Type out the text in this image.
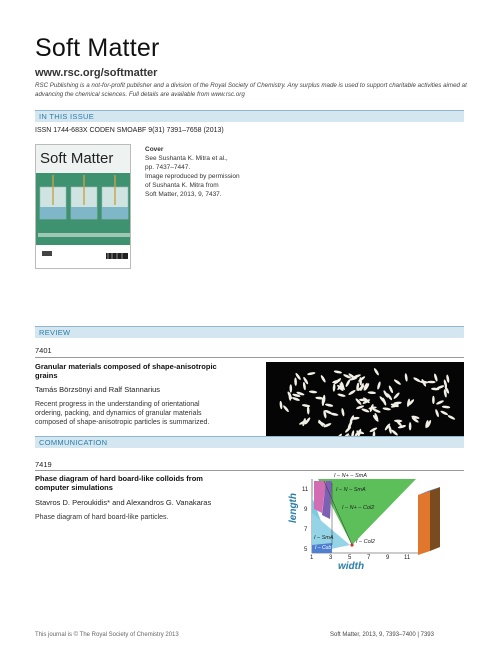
Soft Matter
www.rsc.org/softmatter
RSC Publishing is a not-for-profit publisher and a division of the Royal Society of Chemistry. Any surplus made is used to support charitable activities aimed at advancing the chemical sciences. Full details are available from www.rsc.org
IN THIS ISSUE
ISSN 1744-683X CODEN SMOABF 9(31) 7391–7658 (2013)
Soft Matter
Cover
See Sushanta K. Mitra et al.,
pp. 7437–7447.
Image reproduced by permission
of Sushanta K. Mitra from
Soft Matter, 2013, 9, 7437.
REVIEW
7401
Granular materials composed of shape-anisotropic
grains
Tamás Börzsönyi and Ralf Stannarius
Recent progress in the understanding of orientational
ordering, packing, and dynamics of granular materials
composed of shape-anisotropic particles is summarized.
COMMUNICATION
7419
Phase diagram of hard board-like colloids from
computer simulations
Stavros D. Peroukidis* and Alexandros G. Vanakaras
Phase diagram of hard board-like particles.	length
width
11
9
7
5
1	3	5	7	9 11
I – N+ – SmA
I – N – SmA
I – N+ – Col2
I – SmA
I – Col2
I – Cub
This journal is © The Royal Society of Chemistry 2013	Soft Matter, 2013, 9, 7393–7400 | 7393
